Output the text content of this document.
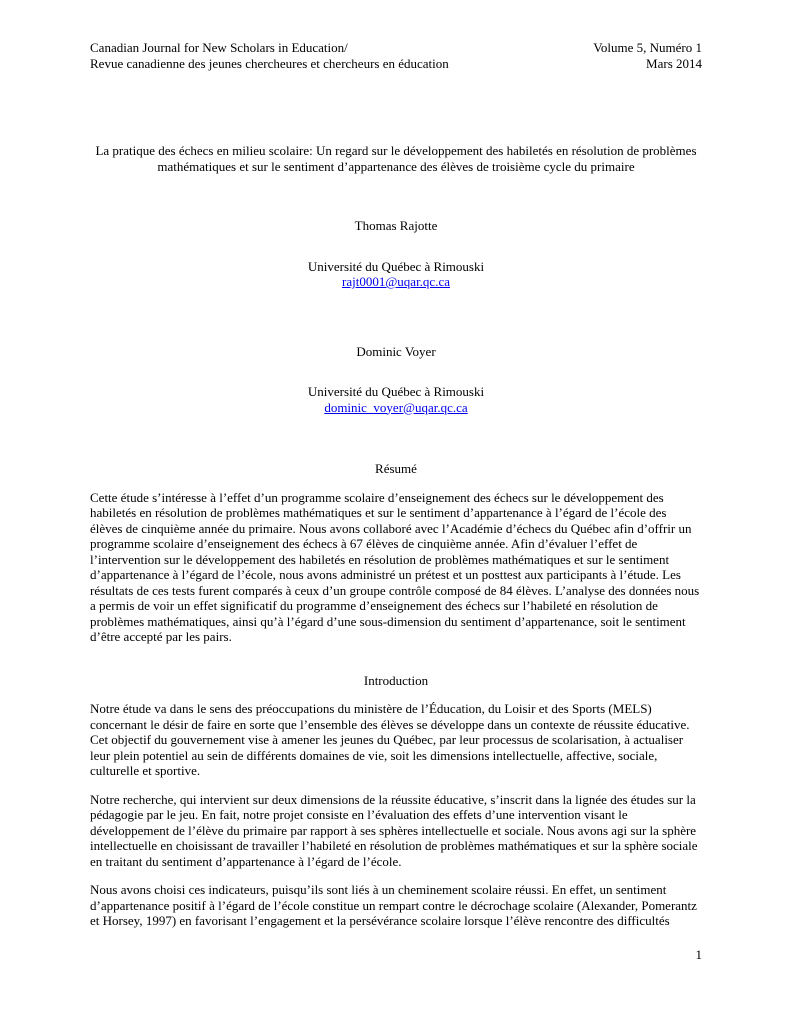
Canadian Journal for New Scholars in Education/
Revue canadienne des jeunes chercheures et chercheurs en éducation
Volume 5, Numéro 1
Mars 2014
La pratique des échecs en milieu scolaire: Un regard sur le développement des habiletés en résolution de problèmes mathématiques et sur le sentiment d’appartenance des élèves de troisième cycle du primaire
Thomas Rajotte
Université du Québec à Rimouski
rajt0001@uqar.qc.ca
Dominic Voyer
Université du Québec à Rimouski
dominic_voyer@uqar.qc.ca
Résumé

Cette étude s’intéresse à l’effet d’un programme scolaire d’enseignement des échecs sur le développement des habiletés en résolution de problèmes mathématiques et sur le sentiment d’appartenance à l’égard de l’école des élèves de cinquième année du primaire. Nous avons collaboré avec l’Académie d’échecs du Québec afin d’offrir un programme scolaire d’enseignement des échecs à 67 élèves de cinquième année. Afin d’évaluer l’effet de l’intervention sur le développement des habiletés en résolution de problèmes mathématiques et sur le sentiment d’appartenance à l’égard de l’école, nous avons administré un prétest et un posttest aux participants à l’étude. Les résultats de ces tests furent comparés à ceux d’un groupe contrôle composé de 84 élèves. L’analyse des données nous a permis de voir un effet significatif du programme d’enseignement des échecs sur l’habileté en résolution de problèmes mathématiques, ainsi qu’à l’égard d’une sous-dimension du sentiment d’appartenance, soit le sentiment d’être accepté par les pairs.

Introduction

Notre étude va dans le sens des préoccupations du ministère de l’Éducation, du Loisir et des Sports (MELS) concernant le désir de faire en sorte que l’ensemble des élèves se développe dans un contexte de réussite éducative. Cet objectif du gouvernement vise à amener les jeunes du Québec, par leur processus de scolarisation, à actualiser leur plein potentiel au sein de différents domaines de vie, soit les dimensions intellectuelle, affective, sociale, culturelle et sportive.

Notre recherche, qui intervient sur deux dimensions de la réussite éducative, s’inscrit dans la lignée des études sur la pédagogie par le jeu. En fait, notre projet consiste en l’évaluation des effets d’une intervention visant le développement de l’élève du primaire par rapport à ses sphères intellectuelle et sociale. Nous avons agi sur la sphère intellectuelle en choisissant de travailler l’habileté en résolution de problèmes mathématiques et sur la sphère sociale en traitant du sentiment d’appartenance à l’égard de l’école.

Nous avons choisi ces indicateurs, puisqu’ils sont liés à un cheminement scolaire réussi. En effet, un sentiment d’appartenance positif à l’égard de l’école constitue un rempart contre le décrochage scolaire (Alexander, Pomerantz et Horsey, 1997) en favorisant l’engagement et la persévérance scolaire lorsque l’élève rencontre des difficultés

1
